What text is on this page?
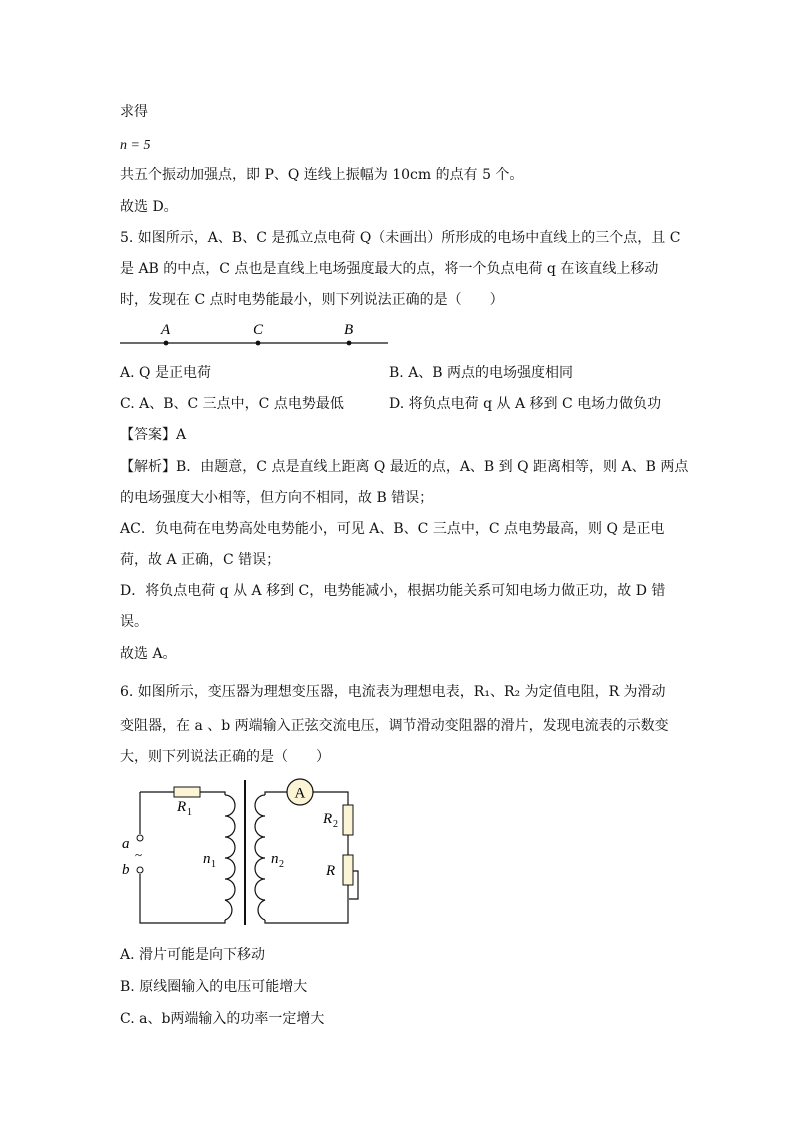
求得
n = 5
共五个振动加强点，即 P、Q 连线上振幅为 10cm 的点有 5 个。
故选 D。
5. 如图所示，A、B、C 是孤立点电荷 Q（未画出）所形成的电场中直线上的三个点，且 C
是 AB 的中点，C 点也是直线上电场强度最大的点，将一个负点电荷 q 在该直线上移动
时，发现在 C 点时电势能最小，则下列说法正确的是（　　）
A	C	B
A. Q 是正电荷	B. A、B 两点的电场强度相同
C. A、B、C 三点中，C 点电势最低	D. 将负点电荷 q 从 A 移到 C 电场力做负功
【答案】A
【解析】B．由题意，C 点是直线上距离 Q 最近的点，A、B 到 Q 距离相等，则 A、B 两点
的电场强度大小相等，但方向不相同，故 B 错误；
AC．负电荷在电势高处电势能小，可见 A、B、C 三点中，C 点电势最高，则 Q 是正电
荷，故 A 正确，C 错误；
D．将负点电荷 q 从 A 移到 C，电势能减小，根据功能关系可知电场力做正功，故 D 错
误。
故选 A。
6. 如图所示，变压器为理想变压器，电流表为理想电表，R₁、R₂ 为定值电阻，R 为滑动
变阻器，在 a 、b 两端输入正弦交流电压，调节滑动变阻器的滑片，发现电流表的示数变
大，则下列说法正确的是（　　）
A
R 1	R 2
R
a
~
b
n 1	n 2
A. 滑片可能是向下移动
B. 原线圈输入的电压可能增大
C. a、b两端输入的功率一定增大
